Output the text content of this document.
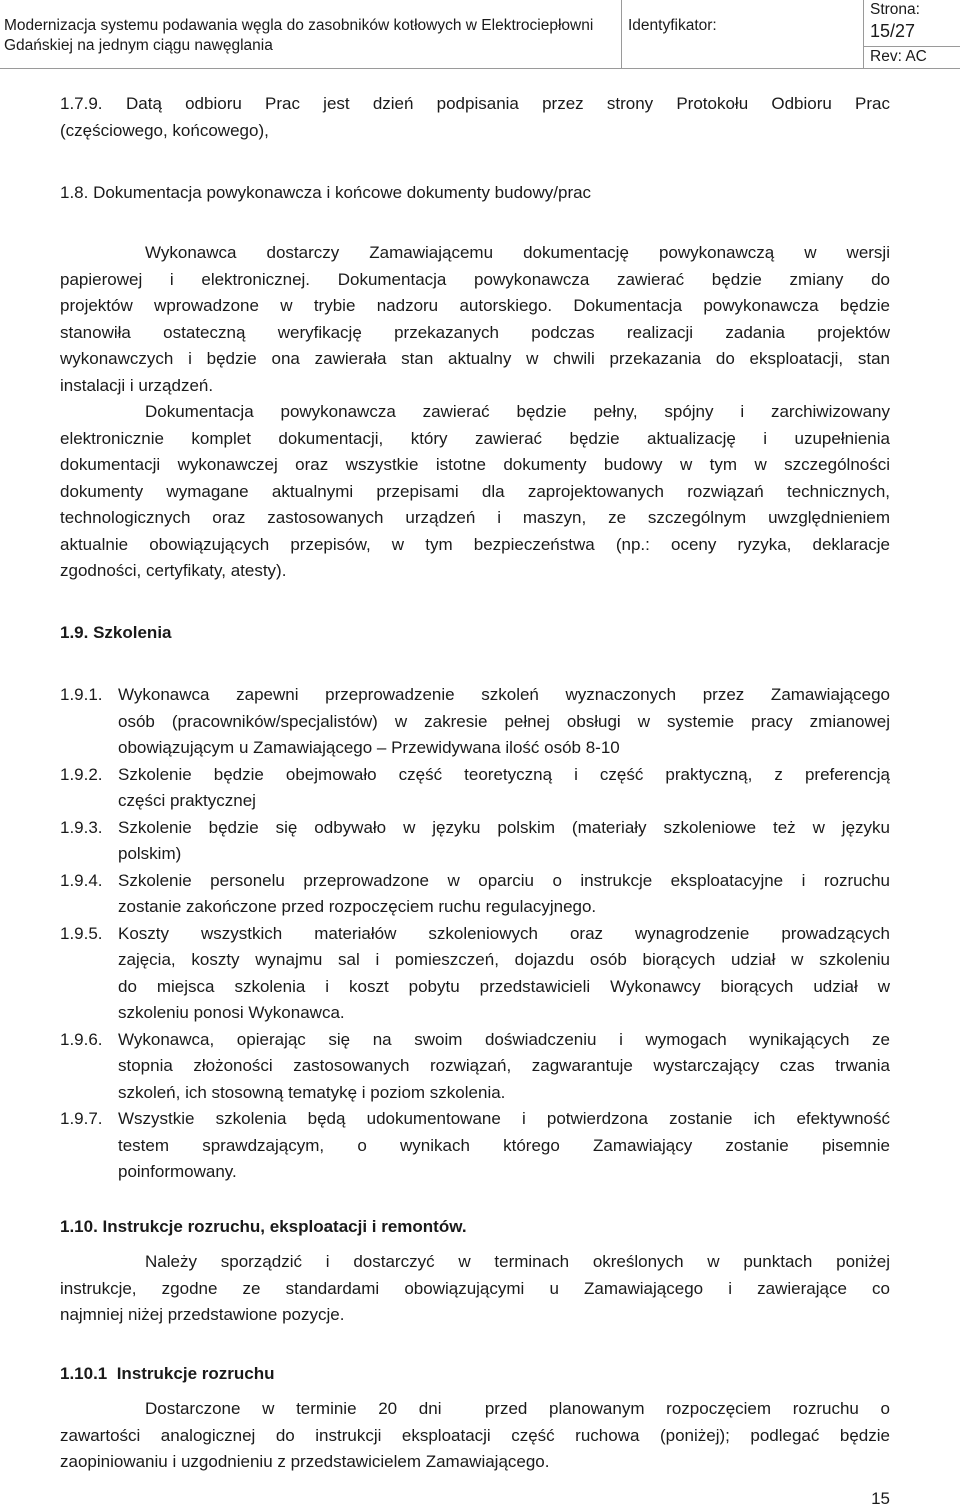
Modernizacja systemu podawania węgla do zasobników kotłowych w Elektrociepłowni
Gdańskiej na jednym ciągu nawęglania
Identyfikator:
Strona:
15/27
Rev: AC
1.7.9. Datą odbioru Prac jest dzień podpisania przez strony Protokołu Odbioru Prac
(częściowego, końcowego),
1.8. Dokumentacja powykonawcza i końcowe dokumenty budowy/prac
Wykonawca dostarczy Zamawiającemu dokumentację powykonawczą w wersji
papierowej i elektronicznej. Dokumentacja powykonawcza zawierać będzie zmiany do
projektów wprowadzone w trybie nadzoru autorskiego. Dokumentacja powykonawcza będzie
stanowiła ostateczną weryfikację przekazanych podczas realizacji zadania projektów
wykonawczych i będzie ona zawierała stan aktualny w chwili przekazania do eksploatacji, stan
instalacji i urządzeń.
Dokumentacja powykonawcza zawierać będzie pełny, spójny i zarchiwizowany
elektronicznie komplet dokumentacji, który zawierać będzie aktualizację i uzupełnienia
dokumentacji wykonawczej oraz wszystkie istotne dokumenty budowy w tym w szczególności
dokumenty wymagane aktualnymi przepisami dla zaprojektowanych rozwiązań technicznych,
technologicznych oraz zastosowanych urządzeń i maszyn, ze szczególnym uwzględnieniem
aktualnie obowiązujących przepisów, w tym bezpieczeństwa (np.: oceny ryzyka, deklaracje
zgodności, certyfikaty, atesty).
1.9. Szkolenia
1.9.1. Wykonawca zapewni przeprowadzenie szkoleń wyznaczonych przez Zamawiającego
osób (pracowników/specjalistów) w zakresie pełnej obsługi w systemie pracy zmianowej
obowiązującym u Zamawiającego – Przewidywana ilość osób 8-10
1.9.2. Szkolenie będzie obejmowało część teoretyczną i część praktyczną, z preferencją
części praktycznej
1.9.3. Szkolenie będzie się odbywało w języku polskim (materiały szkoleniowe też w języku
polskim)
1.9.4. Szkolenie personelu przeprowadzone w oparciu o instrukcje eksploatacyjne i rozruchu
zostanie zakończone przed rozpoczęciem ruchu regulacyjnego.
1.9.5. Koszty wszystkich materiałów szkoleniowych oraz wynagrodzenie prowadzących
zajęcia, koszty wynajmu sal i pomieszczeń, dojazdu osób biorących udział w szkoleniu
do miejsca szkolenia i koszt pobytu przedstawicieli Wykonawcy biorących udział w
szkoleniu ponosi Wykonawca.
1.9.6. Wykonawca, opierając się na swoim doświadczeniu i wymogach wynikających ze
stopnia złożoności zastosowanych rozwiązań, zagwarantuje wystarczający czas trwania
szkoleń, ich stosowną tematykę i poziom szkolenia.
1.9.7. Wszystkie szkolenia będą udokumentowane i potwierdzona zostanie ich efektywność
testem sprawdzającym, o wynikach którego Zamawiający zostanie pisemnie
poinformowany.
1.10. Instrukcje rozruchu, eksploatacji i remontów.
Należy sporządzić i dostarczyć w terminach określonych w punktach poniżej
instrukcje, zgodne ze standardami obowiązującymi u Zamawiającego i zawierające co
najmniej niżej przedstawione pozycje.
1.10.1  Instrukcje rozruchu
Dostarczone w terminie 20 dni  przed planowanym rozpoczęciem rozruchu o
zawartości analogicznej do instrukcji eksploatacji część ruchowa (poniżej); podlegać będzie
zaopiniowaniu i uzgodnieniu z przedstawicielem Zamawiającego.
15
